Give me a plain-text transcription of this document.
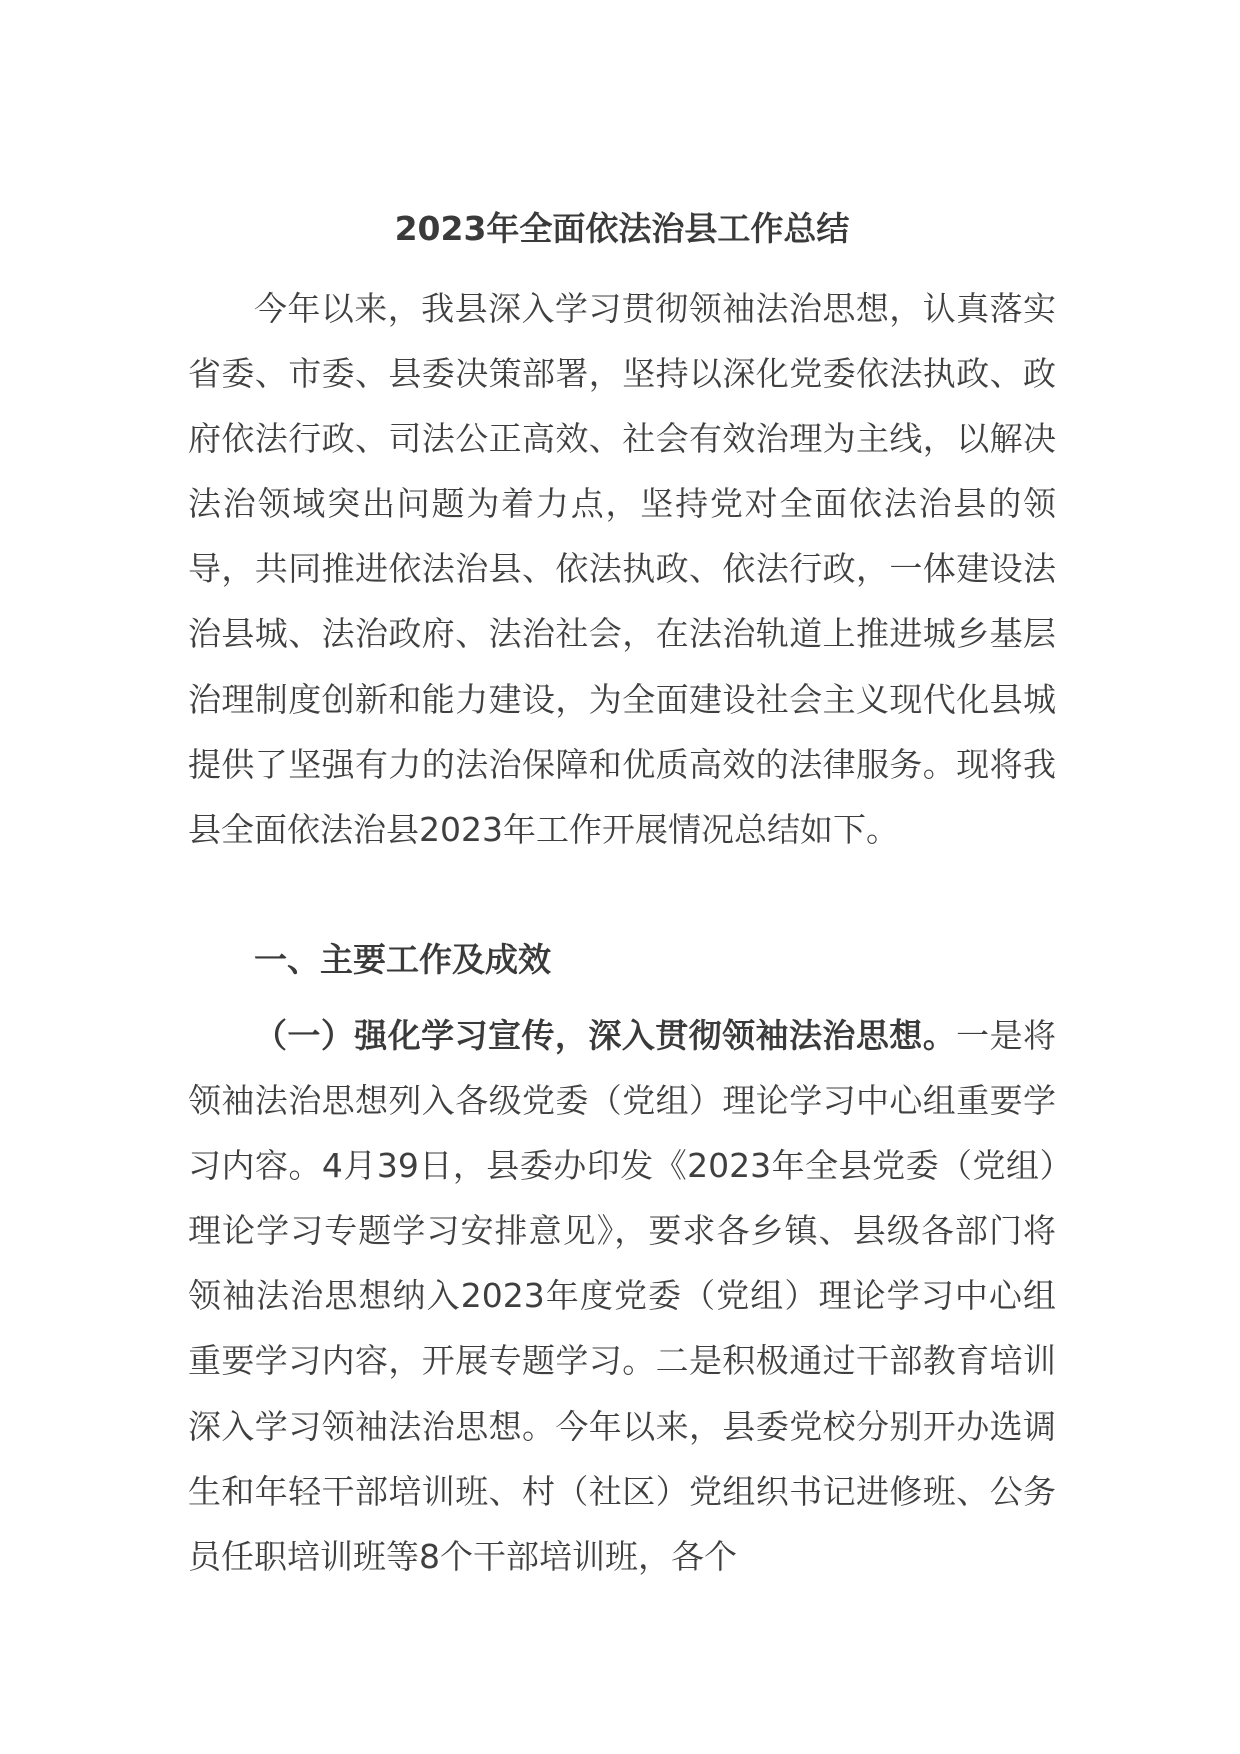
2023年全面依法治县工作总结

今年以来，我县深入学习贯彻领袖法治思想，认真落实省委、市委、县委决策部署，坚持以深化党委依法执政、政府依法行政、司法公正高效、社会有效治理为主线，以解决法治领域突出问题为着力点，坚持党对全面依法治县的领导，共同推进依法治县、依法执政、依法行政，一体建设法治县城、法治政府、法治社会，在法治轨道上推进城乡基层治理制度创新和能力建设，为全面建设社会主义现代化县城提供了坚强有力的法治保障和优质高效的法律服务。现将我县全面依法治县2023年工作开展情况总结如下。

一、主要工作及成效

（一）强化学习宣传，深入贯彻领袖法治思想。一是将领袖法治思想列入各级党委（党组）理论学习中心组重要学习内容。4月39日，县委办印发《2023年全县党委（党组）理论学习专题学习安排意见》，要求各乡镇、县级各部门将领袖法治思想纳入2023年度党委（党组）理论学习中心组重要学习内容，开展专题学习。二是积极通过干部教育培训深入学习领袖法治思想。今年以来，县委党校分别开办选调生和年轻干部培训班、村（社区）党组织书记进修班、公务员任职培训班等8个干部培训班，各个
